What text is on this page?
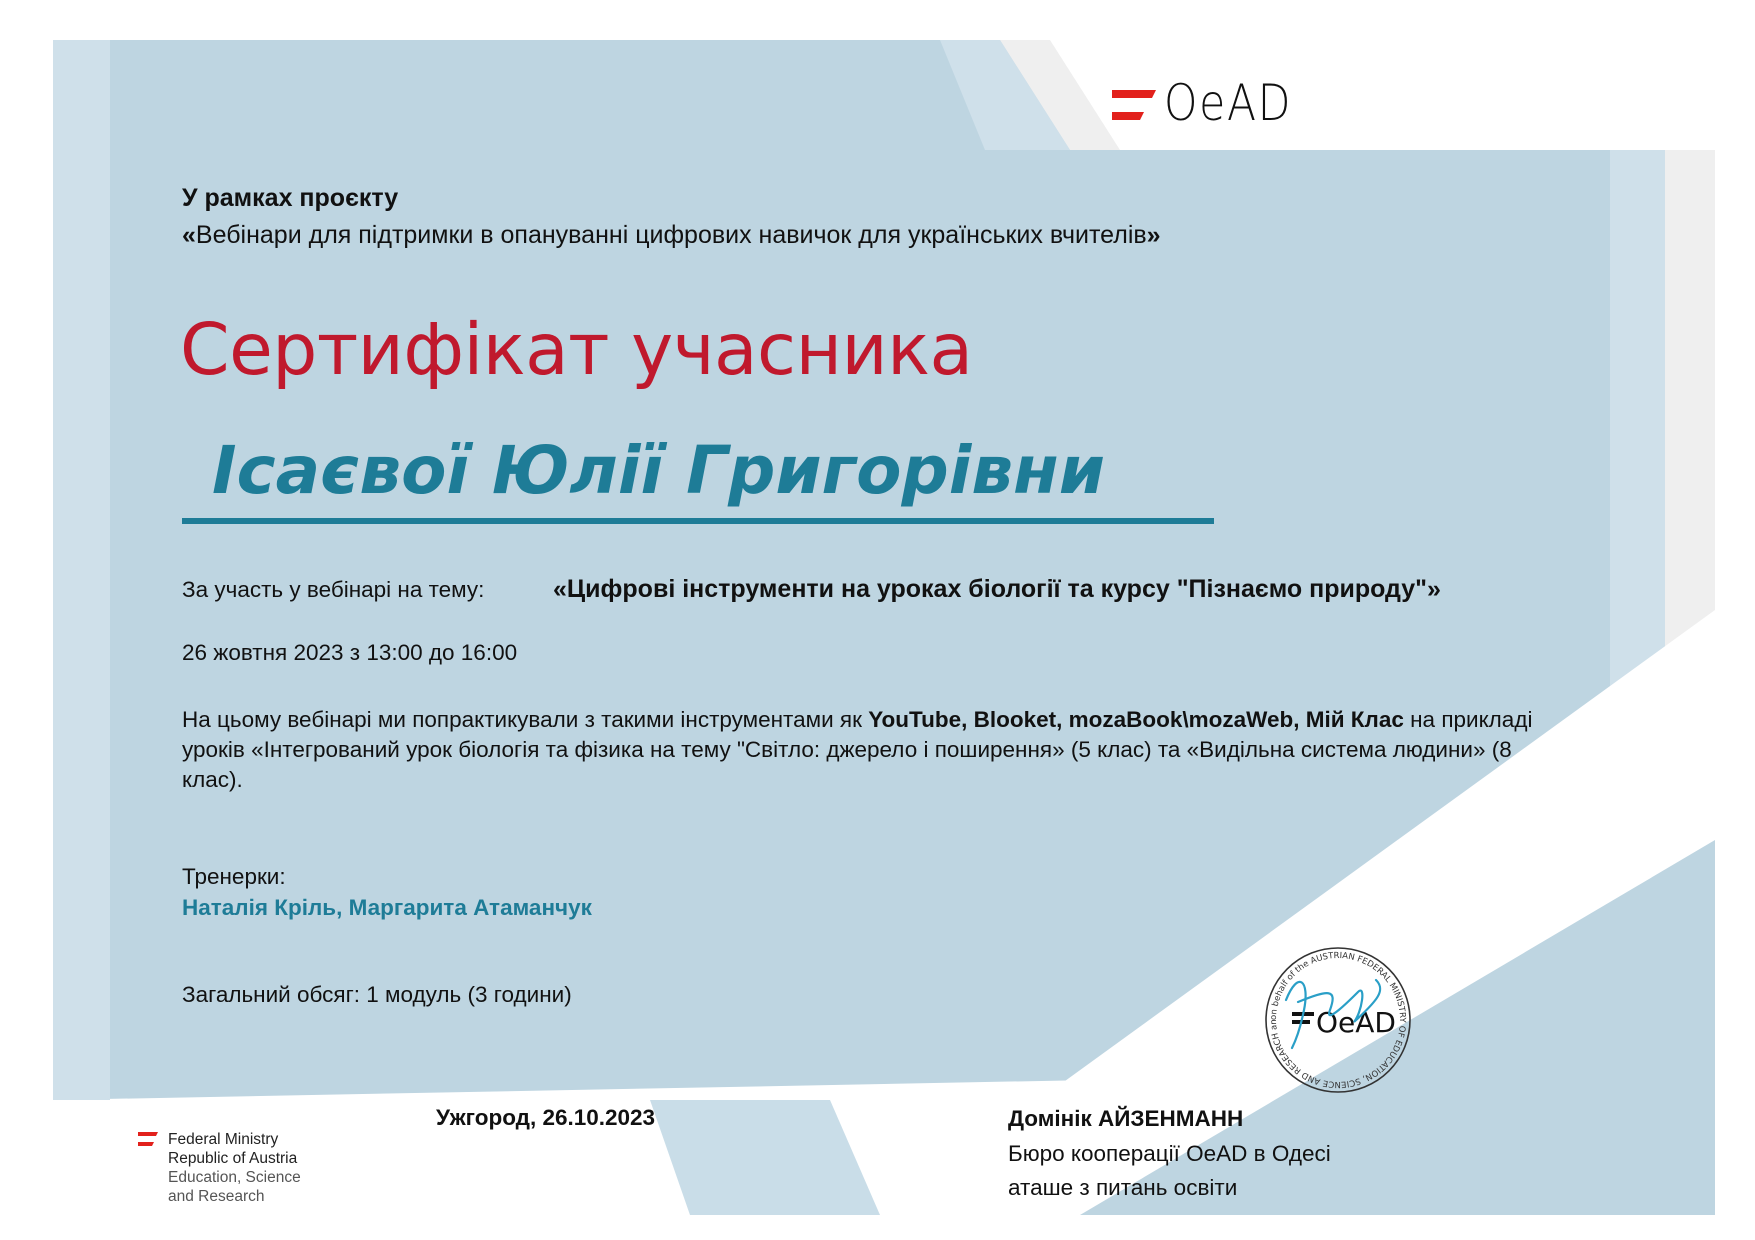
OeAD
У рамках проєкту
«Вебінари для підтримки в опануванні цифрових навичок для українських вчителів»
Сертифікат учасника
Ісаєвої Юлії Григорівни
За участь у вебінарі на тему:	«Цифрові інструменти на уроках біології та курсу "Пізнаємо природу"»
26 жовтня 2023 з 13:00 до 16:00
На цьому вебінарі ми попрактикували з такими інструментами як YouTube, Blooket, mozaBook\mozaWeb, Мій Клас на прикладі уроків «Інтегрований урок біологія та фізика на тему "Світло: джерело і поширення» (5 клас) та «Видільна система людини» (8 клас).
Тренерки:
Наталія Кріль, Маргарита Атаманчук
Загальний обсяг: 1 модуль (3 години)
on behalf of the AUSTRIAN FEDERAL MINISTRY OF EDUCATION, SCIENCE AND RESEARCH an	OeAD
Ужгород, 26.10.2023
Federal Ministry
Republic of Austria
Education, Science
and Research
Домінік АЙЗЕНМАНН
Бюро кооперації OeAD в Одесі
аташе з питань освіти
